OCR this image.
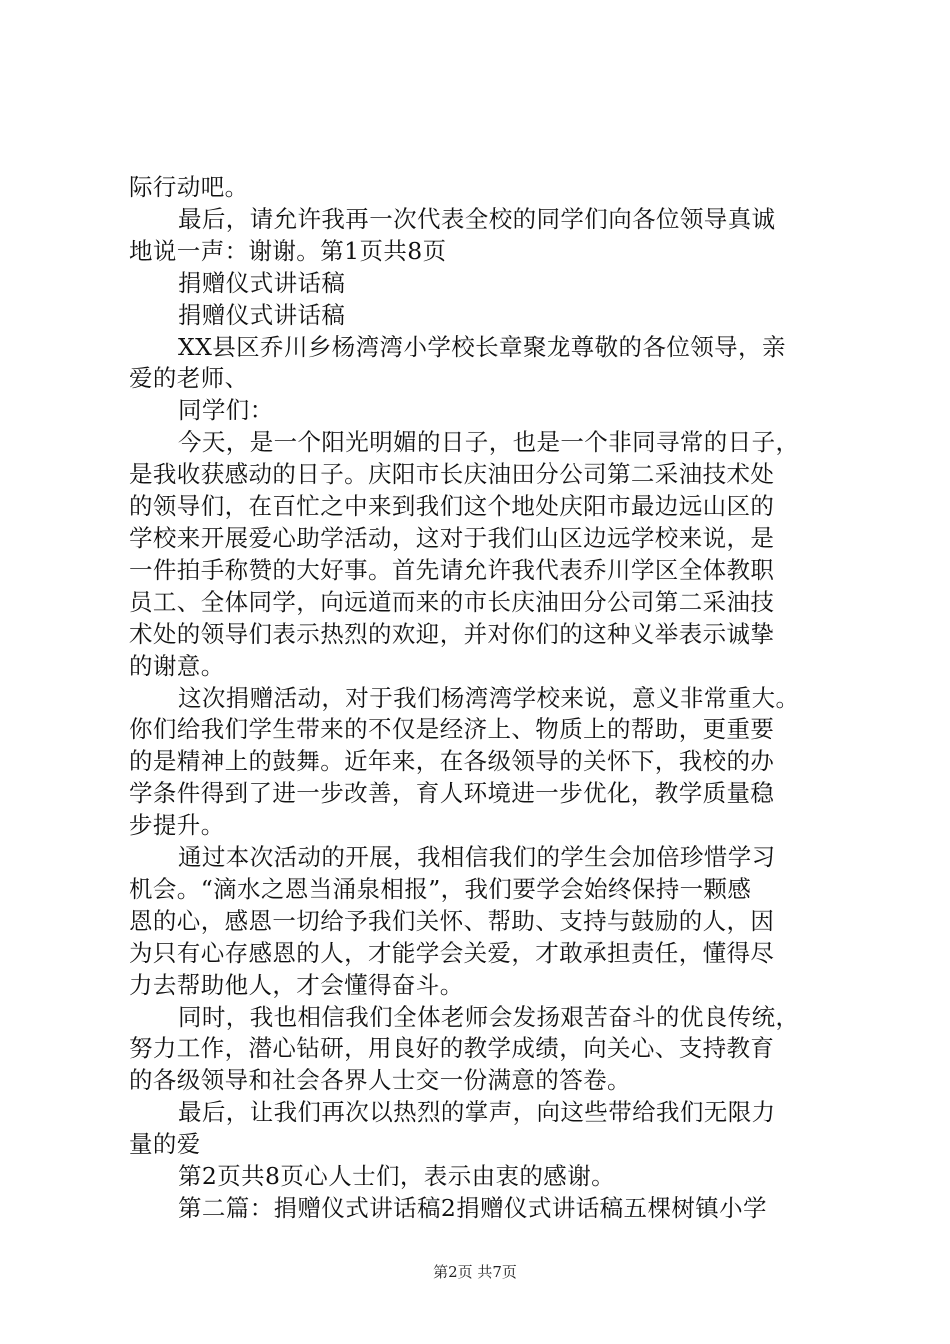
际行动吧。
最后，请允许我再一次代表全校的同学们向各位领导真诚
地说一声：谢谢。第1页共8页
捐赠仪式讲话稿
捐赠仪式讲话稿
XX县区乔川乡杨湾湾小学校长章聚龙尊敬的各位领导，亲
爱的老师、
同学们：
今天，是一个阳光明媚的日子，也是一个非同寻常的日子，
是我收获感动的日子。庆阳市长庆油田分公司第二采油技术处
的领导们，在百忙之中来到我们这个地处庆阳市最边远山区的
学校来开展爱心助学活动，这对于我们山区边远学校来说，是
一件拍手称赞的大好事。首先请允许我代表乔川学区全体教职
员工、全体同学，向远道而来的市长庆油田分公司第二采油技
术处的领导们表示热烈的欢迎，并对你们的这种义举表示诚挚
的谢意。
这次捐赠活动，对于我们杨湾湾学校来说，意义非常重大。
你们给我们学生带来的不仅是经济上、物质上的帮助，更重要
的是精神上的鼓舞。近年来，在各级领导的关怀下，我校的办
学条件得到了进一步改善，育人环境进一步优化，教学质量稳
步提升。
通过本次活动的开展，我相信我们的学生会加倍珍惜学习
机会。“滴水之恩当涌泉相报”，我们要学会始终保持一颗感
恩的心，感恩一切给予我们关怀、帮助、支持与鼓励的人，因
为只有心存感恩的人，才能学会关爱，才敢承担责任，懂得尽
力去帮助他人，才会懂得奋斗。
同时，我也相信我们全体老师会发扬艰苦奋斗的优良传统，
努力工作，潜心钻研，用良好的教学成绩，向关心、支持教育
的各级领导和社会各界人士交一份满意的答卷。
最后，让我们再次以热烈的掌声，向这些带给我们无限力
量的爱
第2页共8页心人士们，表示由衷的感谢。
第二篇：捐赠仪式讲话稿2捐赠仪式讲话稿五棵树镇小学
第2页 共7页
